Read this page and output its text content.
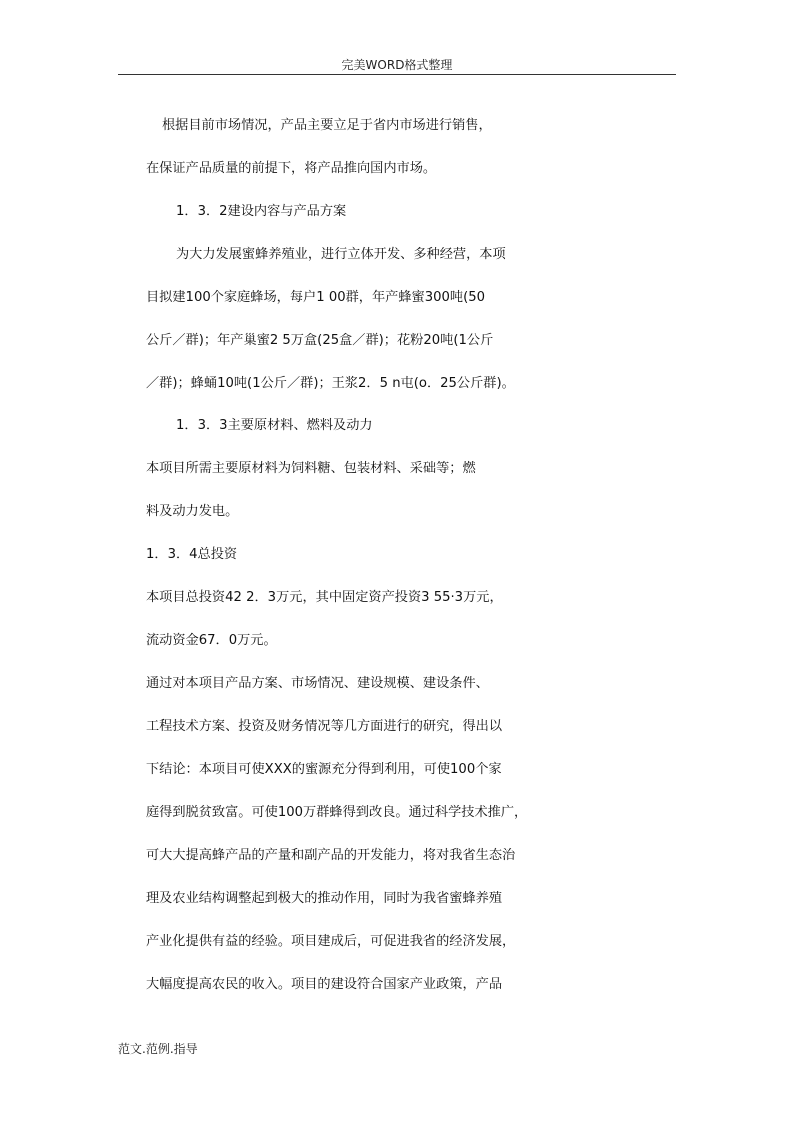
完美WORD格式整理
根据目前市场情况，产品主要立足于省内市场进行销售，
在保证产品质量的前提下，将产品推向国内市场。
1．3．2建设内容与产品方案
为大力发展蜜蜂养殖业，进行立体开发、多种经营，本项
目拟建100个家庭蜂场，每户1 00群，年产蜂蜜300吨(50
公斤／群)；年产巢蜜2 5万盒(25盒／群)；花粉20吨(1公斤
／群)；蜂蛹10吨(1公斤／群)；王浆2．5 n屯(o．25公斤群)。
1．3．3主要原材料、燃料及动力
本项目所需主要原材料为饲料糖、包装材料、采础等；燃
料及动力发电。
1．3．4总投资
本项目总投资42 2．3万元，其中固定资产投资3 55·3万元，
流动资金67．0万元。
通过对本项目产品方案、市场情况、建设规模、建设条件、
工程技术方案、投资及财务情况等几方面进行的研究，得出以
下结论：本项目可使XXX的蜜源充分得到利用，可使100个家
庭得到脱贫致富。可使100万群蜂得到改良。通过科学技术推广，
可大大提高蜂产品的产量和副产品的开发能力，将对我省生态治
理及农业结构调整起到极大的推动作用，同时为我省蜜蜂养殖
产业化提供有益的经验。项目建成后，可促进我省的经济发展，
大幅度提高农民的收入。项目的建设符合国家产业政策，产品
范文.范例.指导
